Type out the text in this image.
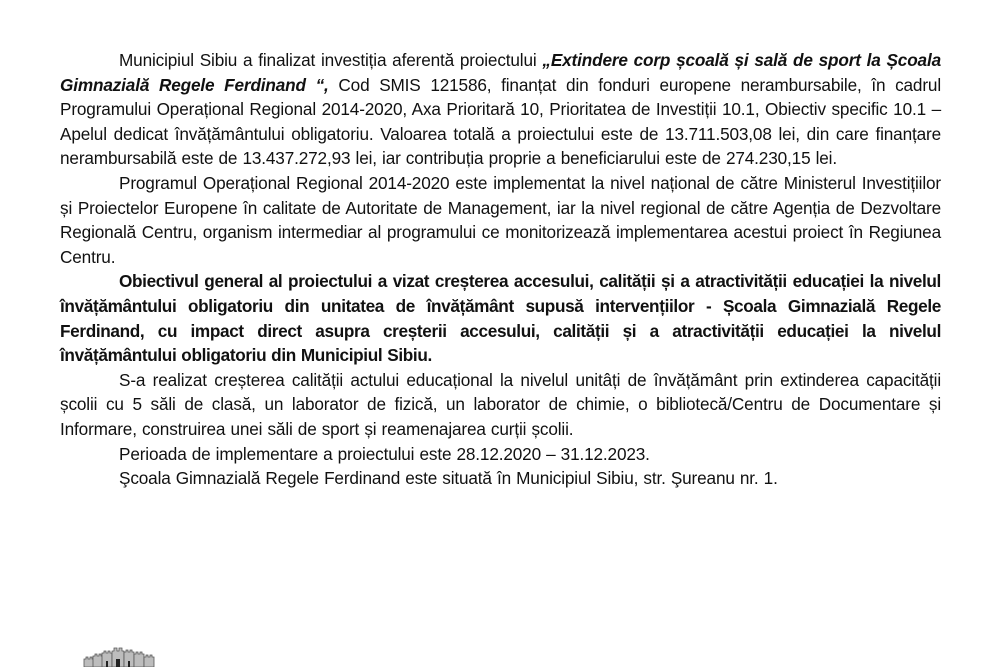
Municipiul Sibiu a finalizat investiția aferentă proiectului „Extindere corp școală și sală de sport la Școala Gimnazială Regele Ferdinand “, Cod SMIS 121586, finanțat din fonduri europene nerambursabile, în cadrul Programului Operațional Regional 2014-2020, Axa Prioritară 10, Prioritatea de Investiții 10.1, Obiectiv specific 10.1 – Apelul dedicat învățământului obligatoriu. Valoarea totală a proiectului este de 13.711.503,08 lei, din care finanțare nerambursabilă este de 13.437.272,93 lei, iar contribuția proprie a beneficiarului este de 274.230,15 lei.

Programul Operațional Regional 2014-2020 este implementat la nivel național de către Ministerul Investițiilor și Proiectelor Europene în calitate de Autoritate de Management, iar la nivel regional de către Agenția de Dezvoltare Regională Centru, organism intermediar al programului ce monitorizează implementarea acestui proiect în Regiunea Centru.

Obiectivul general al proiectului a vizat creșterea accesului, calității și a atractivității educației la nivelul învățământului obligatoriu din unitatea de învățământ supusă intervențiilor - Școala Gimnazială Regele Ferdinand, cu impact direct asupra creșterii accesului, calității și a atractivității educației la nivelul învățământului obligatoriu din Municipiul Sibiu.

S-a realizat creșterea calității actului educațional la nivelul unitâți de învățământ prin extinderea capacității școlii cu 5 săli de clasă, un laborator de fizică, un laborator de chimie, o bibliotecă/Centru de Documentare și Informare, construirea unei săli de sport și reamenajarea curții școlii.

Perioada de implementare a proiectului este 28.12.2020 – 31.12.2023.

Şcoala Gimnazială Regele Ferdinand este situată în Municipiul Sibiu, str. Şureanu nr. 1.
